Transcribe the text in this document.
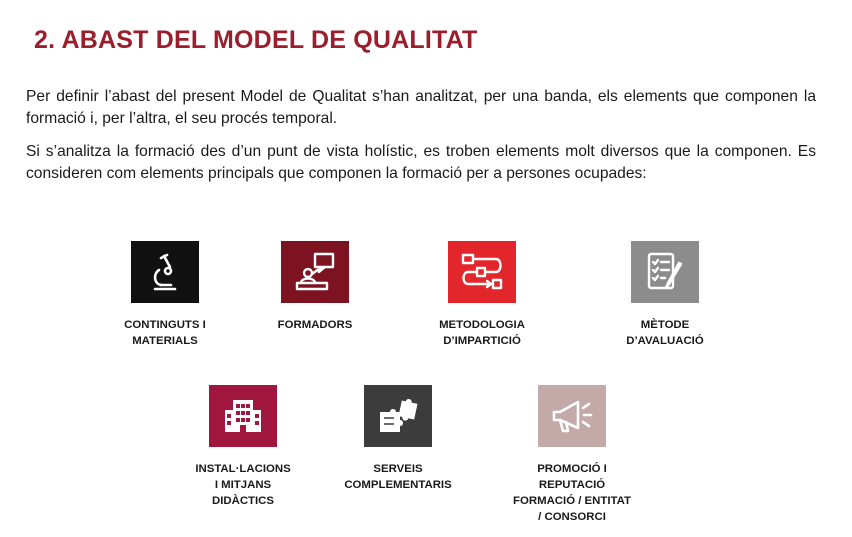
2. ABAST DEL MODEL DE QUALITAT

Per definir l’abast del present Model de Qualitat s’han analitzat, per una banda, els elements que componen la formació i, per l’altra, el seu procés temporal.

Si s’analitza la formació des d’un punt de vista holístic, es troben elements molt diversos que la componen. Es consideren com elements principals que componen la formació per a persones ocupades:

CONTINGUTS I
MATERIALS
FORMADORS	METODOLOGIA
D’IMPARTICIÓ
MÈTODE
D’AVALUACIÓ
INSTAL·LACIONS
I MITJANS
DIDÀCTICS
SERVEIS
COMPLEMENTARIS
PROMOCIÓ I
REPUTACIÓ
FORMACIÓ / ENTITAT
/ CONSORCI
